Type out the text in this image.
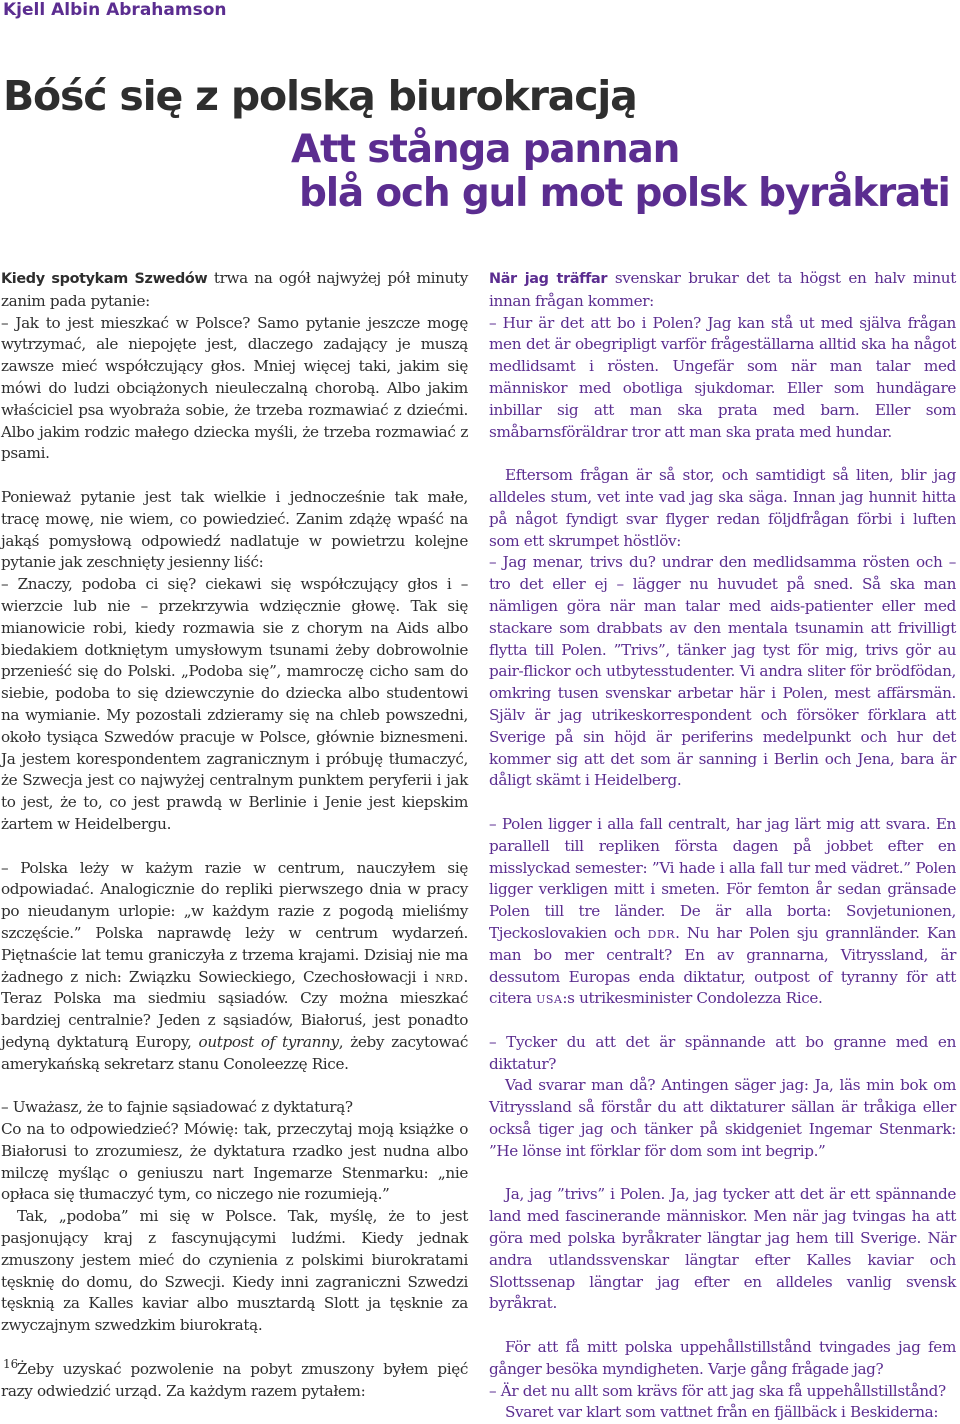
Kjell Albin Abrahamson
Bóść się z polską biurokracją
Att stånga pannan
blå och gul mot polsk byråkrati

Kiedy spotykam Szwedów trwa na ogół najwyżej pół minuty zanim pada pytanie:

– Jak to jest mieszkać w Polsce? Samo pytanie jeszcze mogę wytrzymać, ale niepojęte jest, dlaczego zadający je muszą zawsze mieć współczujący głos. Mniej więcej taki, jakim się mówi do ludzi obciążonych nieuleczalną chorobą. Albo jakim właściciel psa wyobraża sobie, że trzeba rozmawiać z dziećmi. Albo jakim rodzic małego dziecka myśli, że trzeba rozmawiać z psami.

Ponieważ pytanie jest tak wielkie i jednocześnie tak małe, tracę mowę, nie wiem, co powiedzieć. Zanim zdążę wpaść na jakąś pomysłową odpowiedź nadlatuje w powietrzu kolejne pytanie jak zeschnięty jesienny liść:

– Znaczy, podoba ci się? ciekawi się współczujący głos i – wierzcie lub nie – przekrzywia wdzięcznie głowę. Tak się mianowicie robi, kiedy rozmawia sie z chorym na Aids albo biedakiem dotkniętym umysłowym tsunami żeby dobrowolnie przenieść się do Polski. „Podoba się”, mamroczę cicho sam do siebie, podoba to się dziewczynie do dziecka albo studentowi na wymianie. My pozostali zdzieramy się na chleb powszedni, około tysiąca Szwedów pracuje w Polsce, głównie biznesmeni. Ja jestem korespondentem zagranicznym i próbuję tłumaczyć, że Szwecja jest co najwyżej centralnym punktem peryferii i jak to jest, że to, co jest prawdą w Berlinie i Jenie jest kiepskim żartem w Heidelbergu.

– Polska leży w każym razie w centrum, nauczyłem się odpowiadać. Analogicznie do repliki pierwszego dnia w pracy po nieudanym urlopie: „w każdym razie z pogodą mieliśmy szczęście.” Polska naprawdę leży w centrum wydarzeń. Piętnaście lat temu graniczyła z trzema krajami. Dzisiaj nie ma żadnego z nich: Związku Sowieckiego, Czechosłowacji i nrd. Teraz Polska ma siedmiu sąsiadów. Czy można mieszkać bardziej centralnie? Jeden z sąsiadów, Białoruś, jest ponadto jedyną dyktaturą Europy, outpost of tyranny, żeby zacytować amerykańską sekretarz stanu Conoleezzę Rice.

– Uważasz, że to fajnie sąsiadować z dyktaturą?

Co na to odpowiedzieć? Mówię: tak, przeczytaj moją książke o Białorusi to zrozumiesz, że dyktatura rzadko jest nudna albo milczę myśląc o geniuszu nart Ingemarze Stenmarku: „nie opłaca się tłumaczyć tym, co niczego nie rozumieją.”

Tak, „podoba” mi się w Polsce. Tak, myślę, że to jest pasjonujący kraj z fascynującymi ludźmi. Kiedy jednak zmuszony jestem mieć do czynienia z polskimi biurokratami tęsknię do domu, do Szwecji. Kiedy inni zagraniczni Szwedzi tęsknią za Kalles kaviar albo musztardą Slott ja tęsknie za zwyczajnym szwedzkim biurokratą.

Żeby uzyskać pozwolenie na pobyt zmuszony byłem pięć razy odwiedzić urząd. Za każdym razem pytałem:

När jag träffar svenskar brukar det ta högst en halv minut innan frågan kommer:

– Hur är det att bo i Polen? Jag kan stå ut med själva frågan men det är obegripligt varför frågeställarna alltid ska ha något medlidsamt i rösten. Ungefär som när man talar med människor med obotliga sjukdomar. Eller som hundägare inbillar sig att man ska prata med barn. Eller som småbarnsföräldrar tror att man ska prata med hundar.

Eftersom frågan är så stor, och samtidigt så liten, blir jag alldeles stum, vet inte vad jag ska säga. Innan jag hunnit hitta på något fyndigt svar flyger redan följdfrågan förbi i luften som ett skrumpet höstlöv:

– Jag menar, trivs du? undrar den medlidsamma rösten och – tro det eller ej – lägger nu huvudet på sned. Så ska man nämligen göra när man talar med aids-patienter eller med stackare som drabbats av den mentala tsunamin att frivilligt flytta till Polen. ”Trivs”, tänker jag tyst för mig, trivs gör au pair-flickor och utbytesstudenter. Vi andra sliter för brödfödan, omkring tusen svenskar arbetar här i Polen, mest affärsmän. Själv är jag utrikeskorrespondent och försöker förklara att Sverige på sin höjd är periferins medelpunkt och hur det kommer sig att det som är sanning i Berlin och Jena, bara är dåligt skämt i Heidelberg.

– Polen ligger i alla fall centralt, har jag lärt mig att svara. En parallell till repliken första dagen på jobbet efter en misslyckad semester: ”Vi hade i alla fall tur med vädret.” Polen ligger verkligen mitt i smeten. För femton år sedan gränsade Polen till tre länder. De är alla borta: Sovjetunionen, Tjeckoslovakien och ddr. Nu har Polen sju grannländer. Kan man bo mer centralt? En av grannarna, Vitryssland, är dessutom Europas enda diktatur, outpost of tyranny för att citera usa:s utrikesminister Condolezza Rice.

– Tycker du att det är spännande att bo granne med en diktatur?

Vad svarar man då? Antingen säger jag: Ja, läs min bok om Vitryssland så förstår du att diktaturer sällan är tråkiga eller också tiger jag och tänker på skidgeniet Ingemar Stenmark: ”He lönse int förklar för dom som int begrip.”

Ja, jag ”trivs” i Polen. Ja, jag tycker att det är ett spännande land med fascinerande människor. Men när jag tvingas ha att göra med polska byråkrater längtar jag hem till Sverige. När andra utlandssvenskar längtar efter Kalles kaviar och Slottssenap längtar jag efter en alldeles vanlig svensk byråkrat.

För att få mitt polska uppehållstillstånd tvingades jag fem gånger besöka myndigheten. Varje gång frågade jag?

– Är det nu allt som krävs för att jag ska få uppehållstillstånd?

Svaret var klart som vattnet från en fjällbäck i Beskiderna:

16
